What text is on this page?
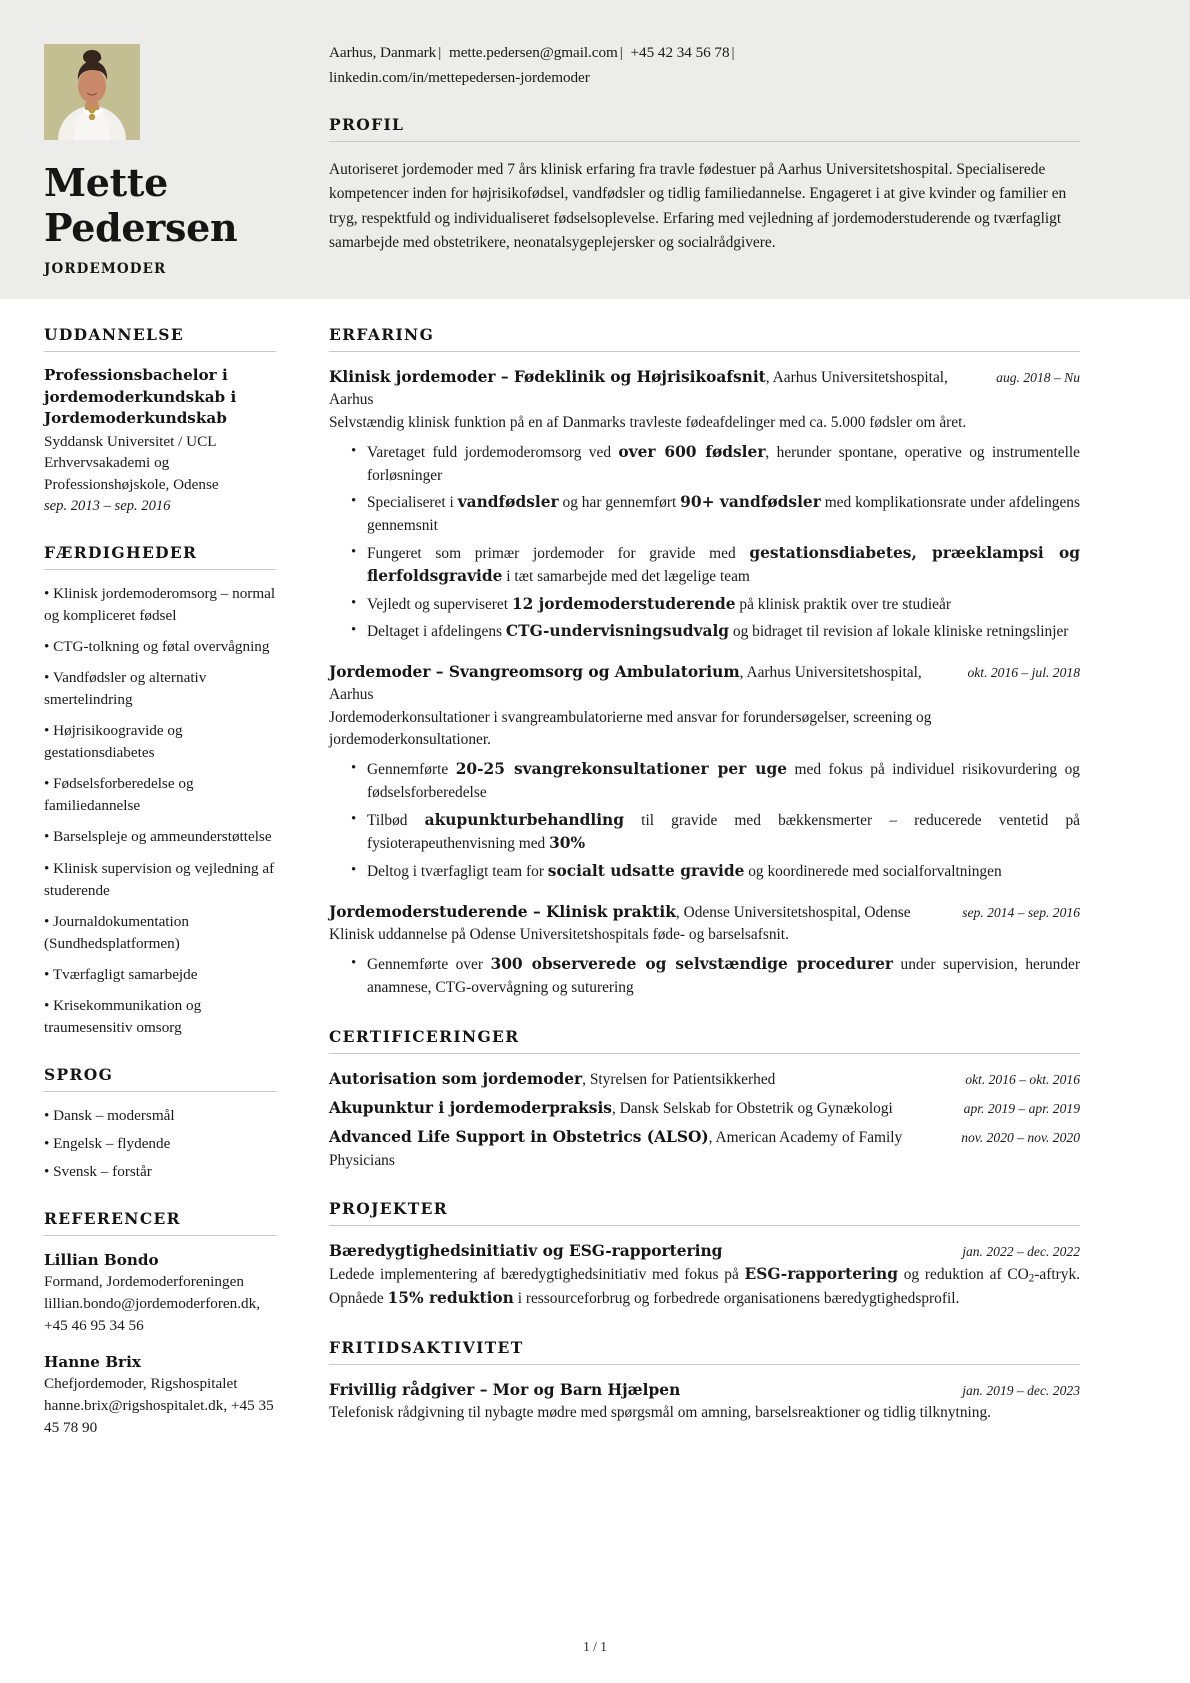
Mette
Pedersen
JORDEMODER
Aarhus, Danmark | mette.pedersen@gmail.com | +45 42 34 56 78 |
linkedin.com/in/mettepedersen-jordemoder
PROFIL
Autoriseret jordemoder med 7 års klinisk erfaring fra travle fødestuer på Aarhus Universitetshospital. Specialiserede kompetencer inden for højrisikofødsel, vandfødsler og tidlig familiedannelse. Engageret i at give kvinder og familier en tryg, respektfuld og individualiseret fødselsoplevelse. Erfaring med vejledning af jordemoderstuderende og tværfagligt samarbejde med obstetrikere, neonatalsygeplejersker og socialrådgivere.
UDDANNELSE
Professionsbachelor i jordemoderkundskab i Jordemoderkundskab
Syddansk Universitet / UCL Erhvervsakademi og Professionshøjskole, Odense
sep. 2013 – sep. 2016
FÆRDIGHEDER
• Klinisk jordemoderomsorg – normal og kompliceret fødsel
• CTG-tolkning og føtal overvågning
• Vandfødsler og alternativ smertelindring
• Højrisikoogravide og gestationsdiabetes
• Fødselsforberedelse og familiedannelse
• Barselspleje og ammeunderstøttelse
• Klinisk supervision og vejledning af studerende
• Journaldokumentation (Sundhedsplatformen)
• Tværfagligt samarbejde
• Krisekommunikation og traumesensitiv omsorg
SPROG
• Dansk – modersmål
• Engelsk – flydende
• Svensk – forstår
REFERENCER
Lillian Bondo
Formand, Jordemoderforeningen
lillian.bondo@jordemoderforen.dk, +45 46 95 34 56
Hanne Brix
Chefjordemoder, Rigshospitalet
hanne.brix@rigshospitalet.dk, +45 35 45 78 90
ERFARING
Klinisk jordemoder – Fødeklinik og Højrisikoafsnit, Aarhus Universitetshospital, Aarhus
aug. 2018 – Nu
Selvstændig klinisk funktion på en af Danmarks travleste fødeafdelinger med ca. 5.000 fødsler om året.
• Varetaget fuld jordemoderomsorg ved over 600 fødsler, herunder spontane, operative og instrumentelle forløsninger
• Specialiseret i vandfødsler og har gennemført 90+ vandfødsler med komplikationsrate under afdelingens gennemsnit
• Fungeret som primær jordemoder for gravide med gestationsdiabetes, præeklampsi og flerfoldsgravide i tæt samarbejde med det lægelige team
• Vejledt og superviseret 12 jordemoderstuderende på klinisk praktik over tre studieår
• Deltaget i afdelingens CTG-undervisningsudvalg og bidraget til revision af lokale kliniske retningslinjer
Jordemoder – Svangreomsorg og Ambulatorium, Aarhus Universitetshospital, Aarhus
okt. 2016 – jul. 2018
Jordemoderkonsultationer i svangreambulatorierne med ansvar for forundersøgelser, screening og jordemoderkonsultationer.
• Gennemførte 20-25 svangrekonsultationer per uge med fokus på individuel risikovurdering og fødselsforberedelse
• Tilbød akupunkturbehandling til gravide med bækkensmerter – reducerede ventetid på fysioterapeuthenvisning med 30%
• Deltog i tværfagligt team for socialt udsatte gravide og koordinerede med socialforvaltningen
Jordemoderstuderende – Klinisk praktik, Odense Universitetshospital, Odense	sep. 2014 – sep. 2016
Klinisk uddannelse på Odense Universitetshospitals føde- og barselsafsnit.
• Gennemførte over 300 observerede og selvstændige procedurer under supervision, herunder anamnese, CTG-overvågning og suturering
CERTIFICERINGER
Autorisation som jordemoder, Styrelsen for Patientsikkerhed	okt. 2016 – okt. 2016
Akupunktur i jordemoderpraksis, Dansk Selskab for Obstetrik og Gynækologi	apr. 2019 – apr. 2019
Advanced Life Support in Obstetrics (ALSO), American Academy of Family Physicians
nov. 2020 – nov. 2020
PROJEKTER
Bæredygtighedsinitiativ og ESG-rapportering	jan. 2022 – dec. 2022
Ledede implementering af bæredygtighedsinitiativ med fokus på ESG-rapportering og reduktion af $CO_2$-aftryk. Opnåede 15% reduktion i ressourceforbrug og forbedrede organisationens bæredygtighedsprofil.
FRITIDSAKTIVITET
Frivillig rådgiver – Mor og Barn Hjælpen	jan. 2019 – dec. 2023
Telefonisk rådgivning til nybagte mødre med spørgsmål om amning, barselsreaktioner og tidlig tilknytning.
1 / 1
